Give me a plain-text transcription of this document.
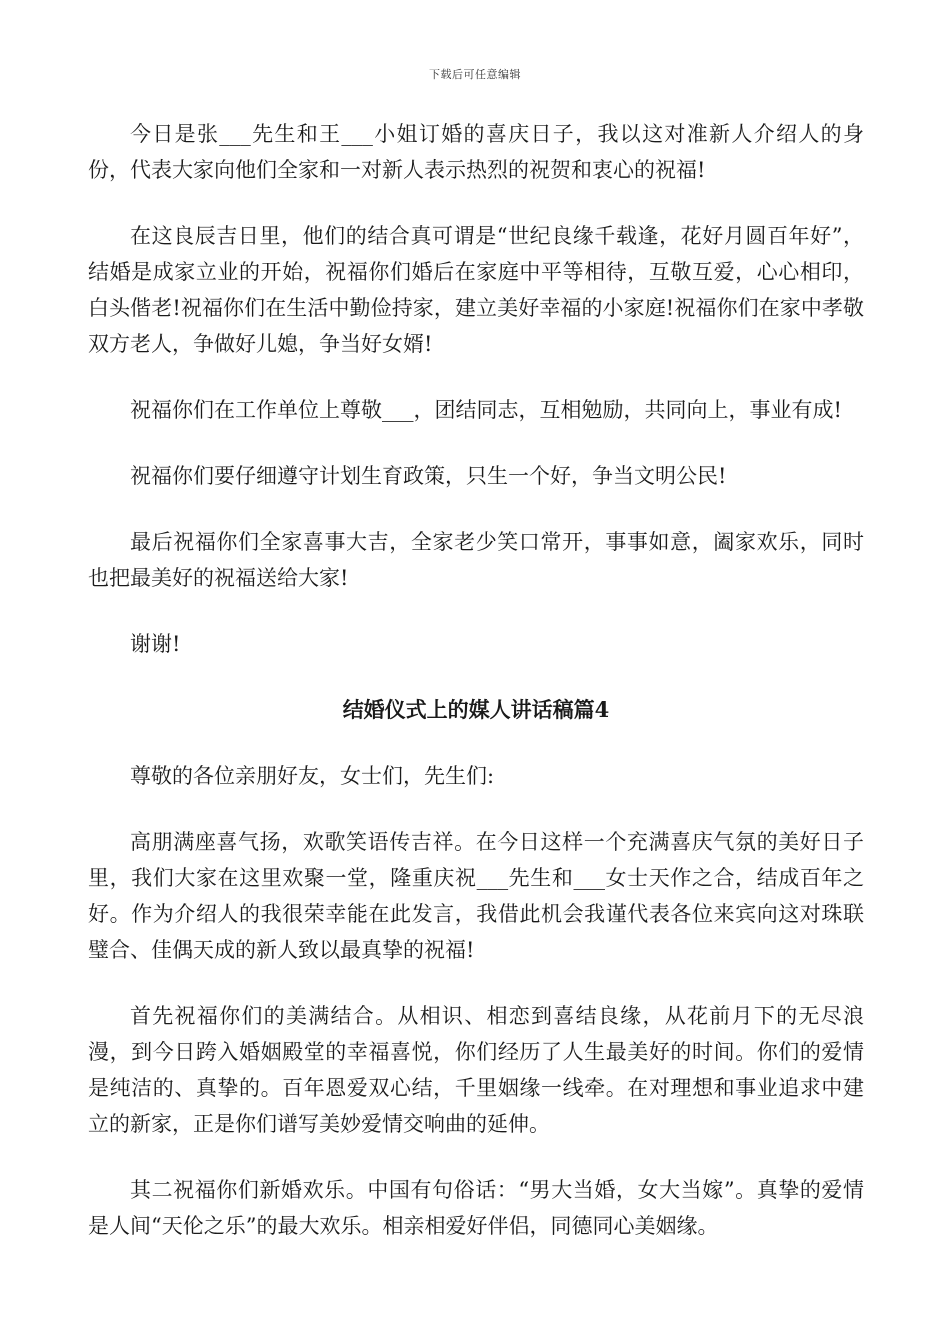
下载后可任意编辑

今日是张___先生和王___小姐订婚的喜庆日子，我以这对准新人介绍人的身份，代表大家向他们全家和一对新人表示热烈的祝贺和衷心的祝福!

在这良辰吉日里，他们的结合真可谓是“世纪良缘千载逢，花好月圆百年好”，结婚是成家立业的开始，祝福你们婚后在家庭中平等相待，互敬互爱，心心相印，白头偕老!祝福你们在生活中勤俭持家，建立美好幸福的小家庭!祝福你们在家中孝敬双方老人，争做好儿媳，争当好女婿!

祝福你们在工作单位上尊敬___，团结同志，互相勉励，共同向上，事业有成!

祝福你们要仔细遵守计划生育政策，只生一个好，争当文明公民!

最后祝福你们全家喜事大吉，全家老少笑口常开，事事如意，阖家欢乐，同时也把最美好的祝福送给大家!

谢谢!

结婚仪式上的媒人讲话稿篇4

尊敬的各位亲朋好友，女士们，先生们:

高朋满座喜气扬，欢歌笑语传吉祥。在今日这样一个充满喜庆气氛的美好日子里，我们大家在这里欢聚一堂，隆重庆祝___先生和___女士天作之合，结成百年之好。作为介绍人的我很荣幸能在此发言，我借此机会我谨代表各位来宾向这对珠联璧合、佳偶天成的新人致以最真挚的祝福!

首先祝福你们的美满结合。从相识、相恋到喜结良缘，从花前月下的无尽浪漫，到今日跨入婚姻殿堂的幸福喜悦，你们经历了人生最美好的时间。你们的爱情是纯洁的、真挚的。百年恩爱双心结，千里姻缘一线牵。在对理想和事业追求中建立的新家，正是你们谱写美妙爱情交响曲的延伸。

其二祝福你们新婚欢乐。中国有句俗话：“男大当婚，女大当嫁”。真挚的爱情是人间“天伦之乐”的最大欢乐。相亲相爱好伴侣，同德同心美姻缘。
